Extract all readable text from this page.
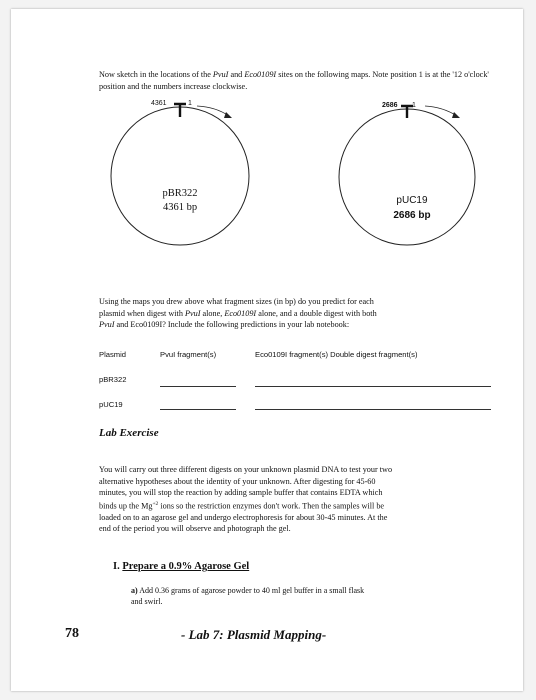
Now sketch in the locations of the PvuI and Eco0109I sites on the following maps. Note position 1 is at the '12 o'clock' position and the numbers increase clockwise.
4361	1
pBR322
4361 bp
2686 1
pUC19
2686 bp
Using the maps you drew above what fragment sizes (in bp) do you predict for each
plasmid when digest with PvuI alone, Eco0109I alone, and a double digest with both
PvuI and Eco0109I? Include the following predictions in your lab notebook:
Plasmid	PvuI fragment(s)	Eco0109I fragment(s) Double digest fragment(s)
pBR322
pUC19
Lab Exercise
You will carry out three different digests on your unknown plasmid DNA to test your two
alternative hypotheses about the identity of your unknown. After digesting for 45-60
minutes, you will stop the reaction by adding sample buffer that contains EDTA which
binds up the $Mg^{+2}$ ions so the restriction enzymes don't work. Then the samples will be
loaded on to an agarose gel and undergo electrophoresis for about 30-45 minutes. At the
end of the period you will observe and photograph the gel.
I. Prepare a 0.9% Agarose Gel
a) Add 0.36 grams of agarose powder to 40 ml gel buffer in a small flask
and swirl.
78	- Lab 7: Plasmid Mapping-
